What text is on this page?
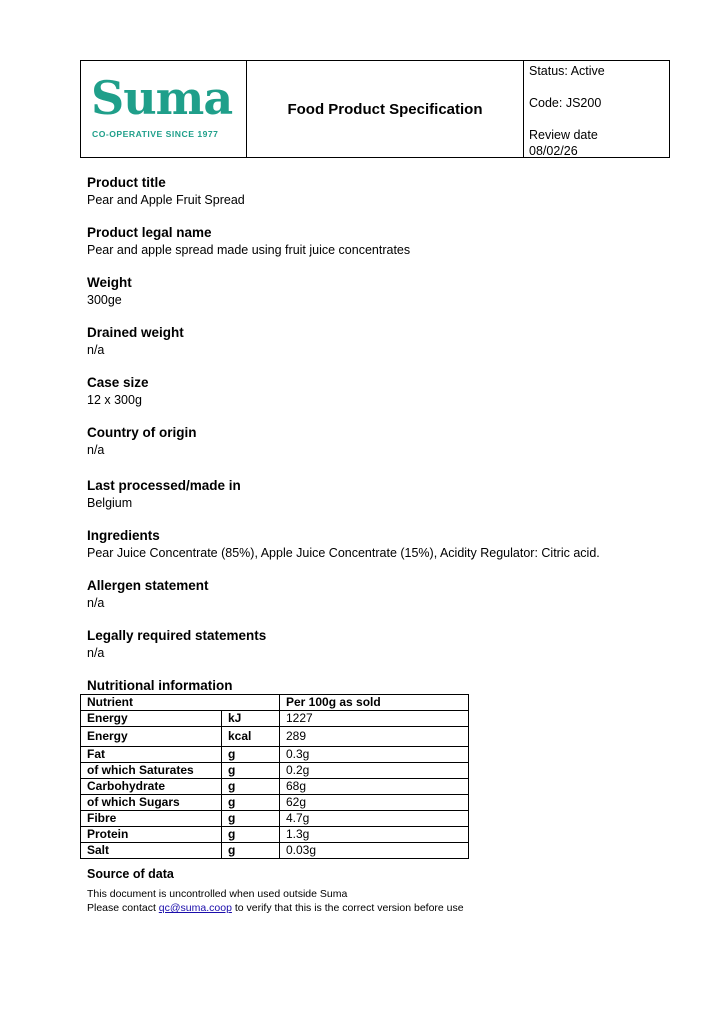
Suma
CO-OPERATIVE SINCE 1977
Food Product Specification
Status: Active
Code: JS200
Review date
08/02/26
Product title
Pear and Apple Fruit Spread
Product legal name
Pear and apple spread made using fruit juice concentrates
Weight
300ge
Drained weight
n/a
Case size
12 x 300g
Country of origin
n/a
Last processed/made in
Belgium
Ingredients
Pear Juice Concentrate (85%), Apple Juice Concentrate (15%), Acidity Regulator: Citric acid.
Allergen statement
n/a
Legally required statements
n/a
Nutritional information
Nutrient		Per 100g as sold
Energy	kJ	1227
Energy	kcal	289
Fat	g	0.3g
of which Saturates	g	0.2g
Carbohydrate	g	68g
of which Sugars	g	62g
Fibre	g	4.7g
Protein	g	1.3g
Salt	g	0.03g
Source of data
This document is uncontrolled when used outside Suma
Please contact qc@suma.coop to verify that this is the correct version before use
